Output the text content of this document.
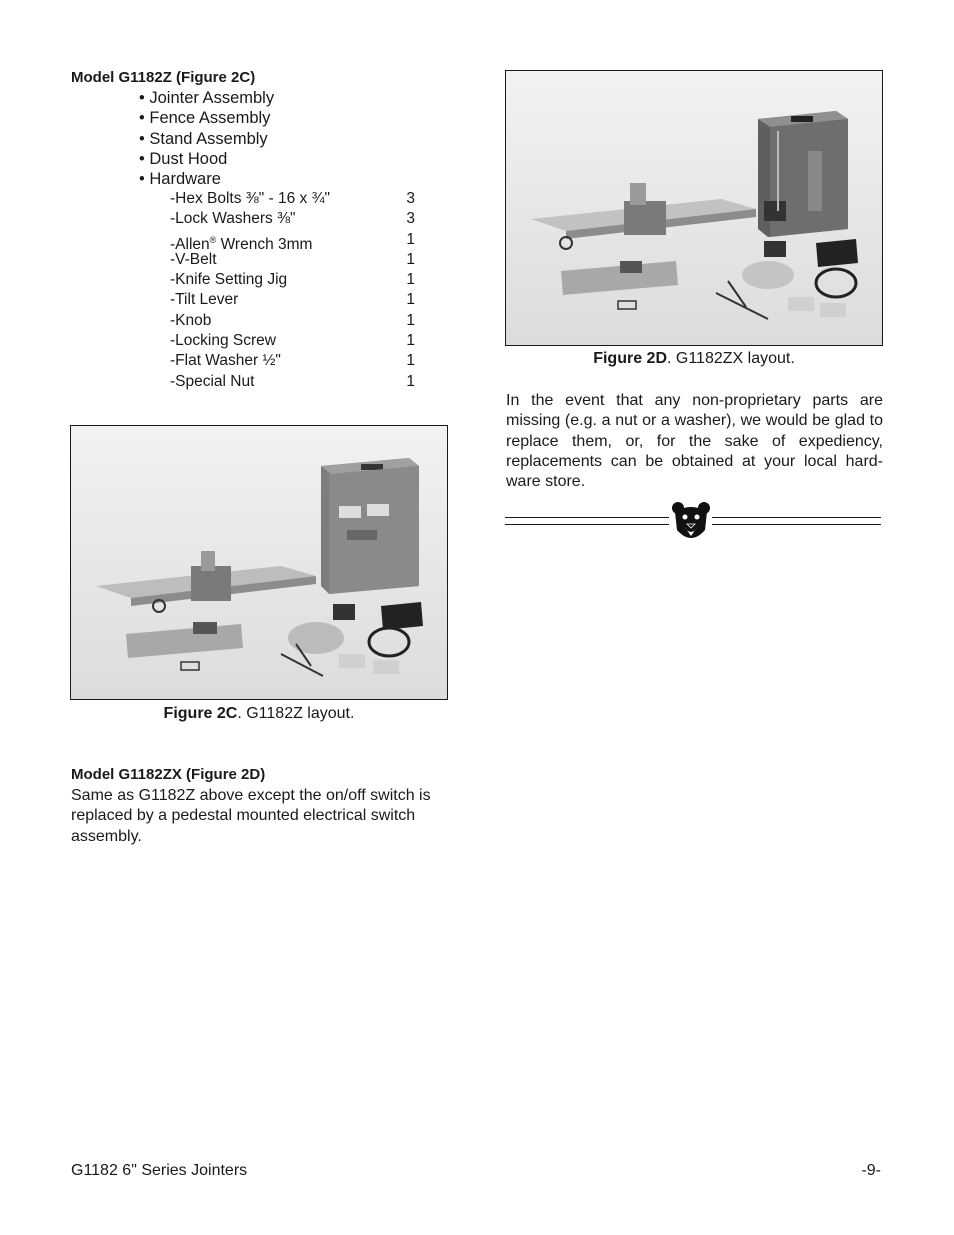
Model G1182Z (Figure 2C)
• Jointer Assembly
• Fence Assembly
• Stand Assembly
• Dust Hood
• Hardware
-Hex Bolts ⅜" - 16 x ¾"	3
-Lock Washers ⅜"	3
-Allen® Wrench 3mm	1
-V-Belt	1
-Knife Setting Jig	1
-Tilt Lever	1
-Knob	1
-Locking Screw	1
-Flat Washer ½"	1
-Special Nut	1
Figure 2C. G1182Z layout.
Model G1182ZX (Figure 2D)
Same as G1182Z above except the on/off switch is replaced by a pedestal mounted electrical switch assembly.
Figure 2D. G1182ZX layout.
In the event that any non-proprietary parts are missing (e.g. a nut or a washer), we would be glad to replace them, or, for the sake of expediency, replacements can be obtained at your local hard-ware store.
G1182 6" Series Jointers	-9-
